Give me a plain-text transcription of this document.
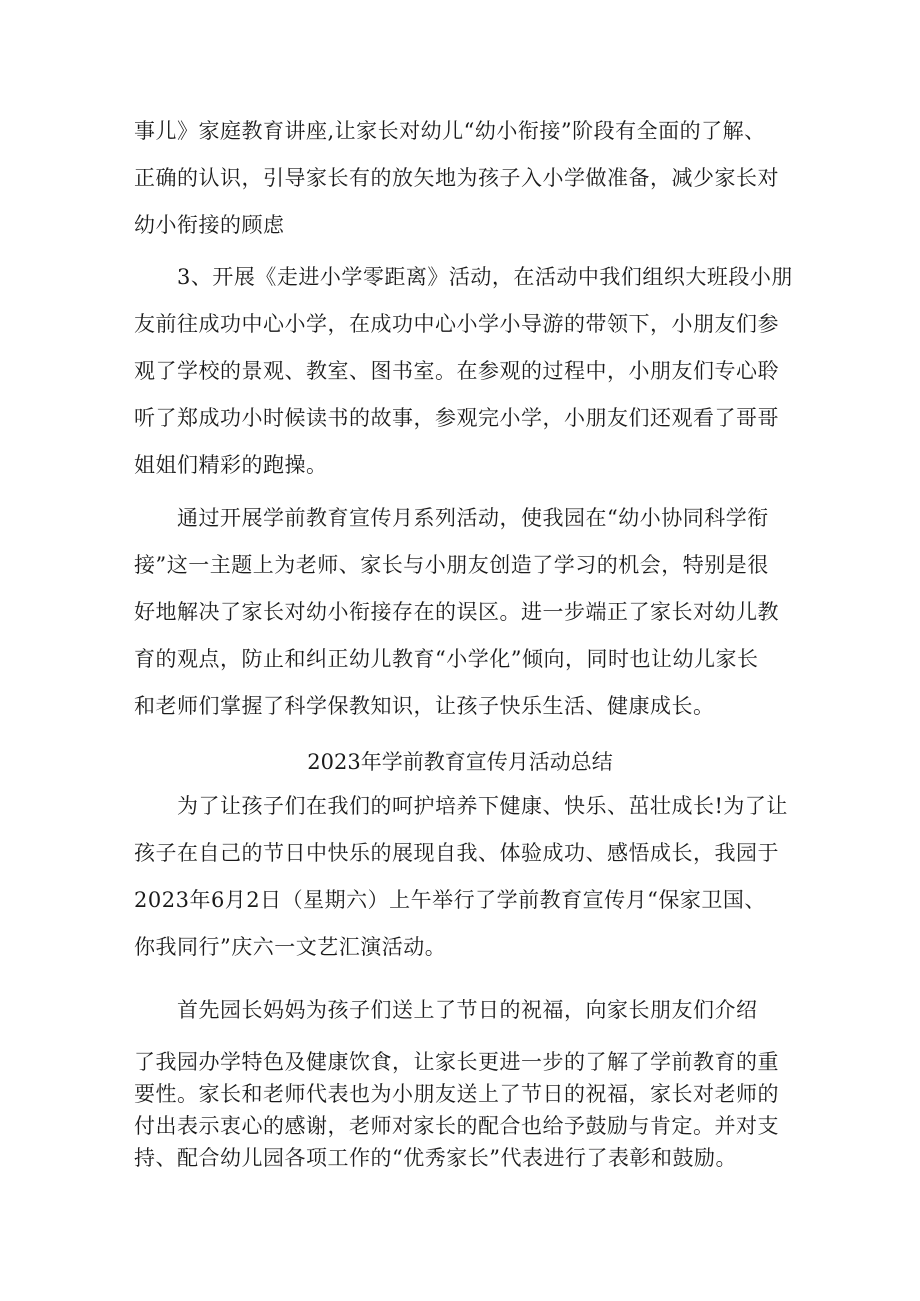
事儿》家庭教育讲座,让家长对幼儿“幼小衔接”阶段有全面的了解、
正确的认识，引导家长有的放矢地为孩子入小学做准备，减少家长对
幼小衔接的顾虑
　　3、开展《走进小学零距离》活动，在活动中我们组织大班段小朋
友前往成功中心小学，在成功中心小学小导游的带领下，小朋友们参
观了学校的景观、教室、图书室。在参观的过程中，小朋友们专心聆
听了郑成功小时候读书的故事，参观完小学，小朋友们还观看了哥哥
姐姐们精彩的跑操。
　　通过开展学前教育宣传月系列活动，使我园在“幼小协同科学衔
接”这一主题上为老师、家长与小朋友创造了学习的机会，特别是很
好地解决了家长对幼小衔接存在的误区。进一步端正了家长对幼儿教
育的观点，防止和纠正幼儿教育“小学化”倾向，同时也让幼儿家长
和老师们掌握了科学保教知识，让孩子快乐生活、健康成长。
2023年学前教育宣传月活动总结
　　为了让孩子们在我们的呵护培养下健康、快乐、茁壮成长!为了让
孩子在自己的节日中快乐的展现自我、体验成功、感悟成长，我园于
2023年6月2日（星期六）上午举行了学前教育宣传月“保家卫国、
你我同行”庆六一文艺汇演活动。
　　首先园长妈妈为孩子们送上了节日的祝福，向家长朋友们介绍
了我园办学特色及健康饮食，让家长更进一步的了解了学前教育的重
要性。家长和老师代表也为小朋友送上了节日的祝福，家长对老师的
付出表示衷心的感谢，老师对家长的配合也给予鼓励与肯定。并对支
持、配合幼儿园各项工作的“优秀家长”代表进行了表彰和鼓励。
